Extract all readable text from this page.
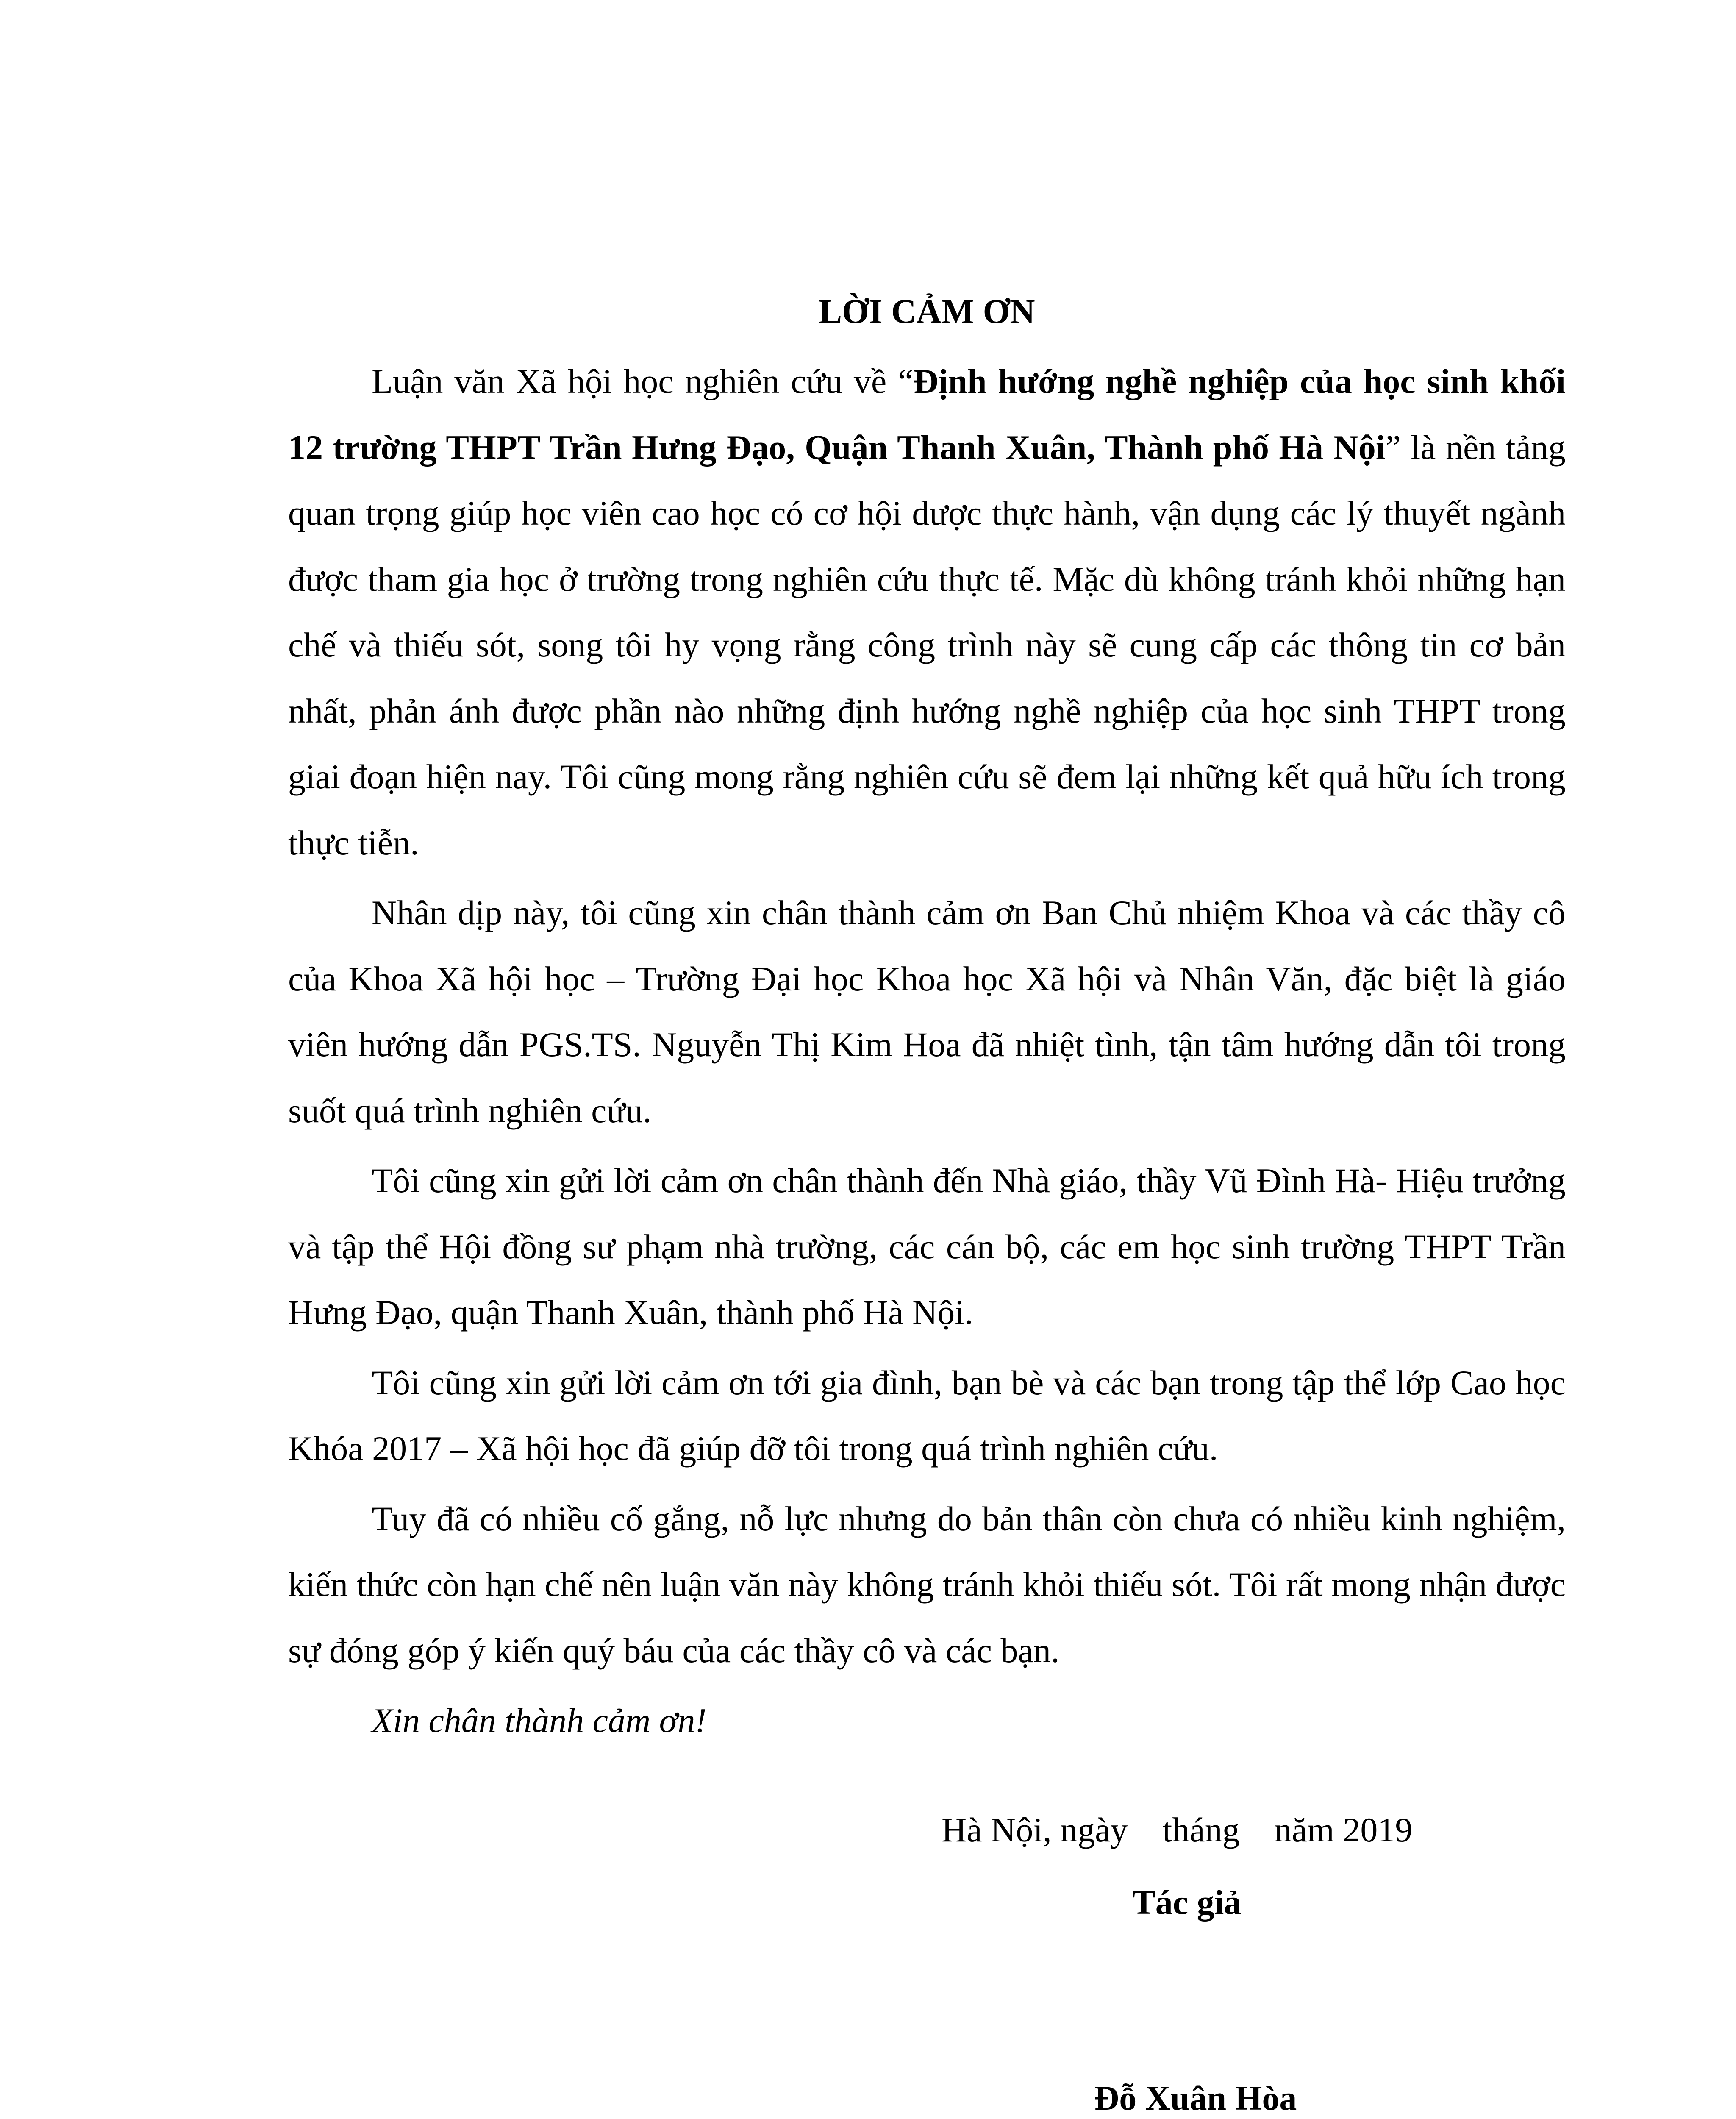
LỜI CẢM ƠN

Luận văn Xã hội học nghiên cứu về “Định hướng nghề nghiệp của học sinh khối 12 trường THPT Trần Hưng Đạo, Quận Thanh Xuân, Thành phố Hà Nội” là nền tảng quan trọng giúp học viên cao học có cơ hội dược thực hành, vận dụng các lý thuyết ngành được tham gia học ở trường trong nghiên cứu thực tế. Mặc dù không tránh khỏi những hạn chế và thiếu sót, song tôi hy vọng rằng công trình này sẽ cung cấp các thông tin cơ bản nhất, phản ánh được phần nào những định hướng nghề nghiệp của học sinh THPT trong giai đoạn hiện nay. Tôi cũng mong rằng nghiên cứu sẽ đem lại những kết quả hữu ích trong thực tiễn.

Nhân dịp này, tôi cũng xin chân thành cảm ơn Ban Chủ nhiệm Khoa và các thầy cô của Khoa Xã hội học – Trường Đại học Khoa học Xã hội và Nhân Văn, đặc biệt là giáo viên hướng dẫn PGS.TS. Nguyễn Thị Kim Hoa đã nhiệt tình, tận tâm hướng dẫn tôi trong suốt quá trình nghiên cứu.

Tôi cũng xin gửi lời cảm ơn chân thành đến Nhà giáo, thầy Vũ Đình Hà- Hiệu trưởng và tập thể Hội đồng sư phạm nhà trường, các cán bộ, các em học sinh trường THPT Trần Hưng Đạo, quận Thanh Xuân, thành phố Hà Nội.

Tôi cũng xin gửi lời cảm ơn tới gia đình, bạn bè và các bạn trong tập thể lớp Cao học Khóa 2017 – Xã hội học đã giúp đỡ tôi trong quá trình nghiên cứu.

Tuy đã có nhiều cố gắng, nỗ lực nhưng do bản thân còn chưa có nhiều kinh nghiệm, kiến thức còn hạn chế nên luận văn này không tránh khỏi thiếu sót. Tôi rất mong nhận được sự đóng góp ý kiến quý báu của các thầy cô và các bạn.

Xin chân thành cảm ơn!

Hà Nội, ngày    tháng    năm 2019
Tác giả
Đỗ Xuân Hòa
